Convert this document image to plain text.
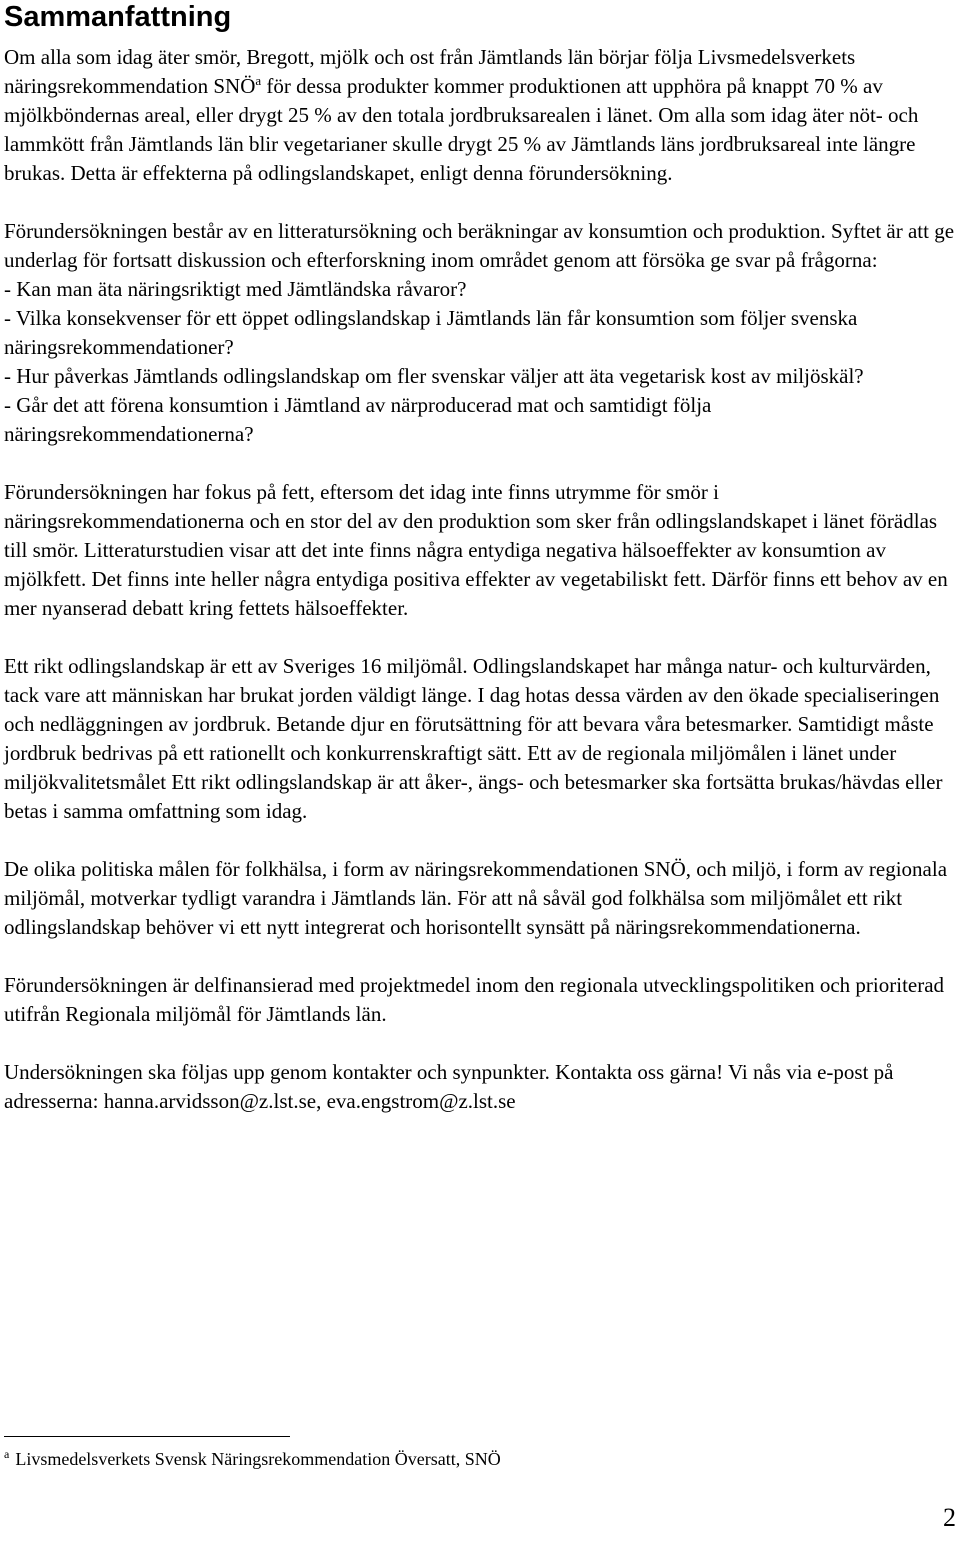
Sammanfattning

Om alla som idag äter smör, Bregott, mjölk och ost från Jämtlands län börjar följa Livsmedelsverkets näringsrekommendation SNÖ$^a$ för dessa produkter kommer produktionen att upphöra på knappt 70 % av mjölkböndernas areal, eller drygt 25 % av den totala jordbruksarealen i länet. Om alla som idag äter nöt- och lammkött från Jämtlands län blir vegetarianer skulle drygt 25 % av Jämtlands läns jordbruksareal inte längre brukas. Detta är effekterna på odlingslandskapet, enligt denna förundersökning.

Förundersökningen består av en litteratursökning och beräkningar av konsumtion och produktion. Syftet är att ge underlag för fortsatt diskussion och efterforskning inom området genom att försöka ge svar på frågorna:
- Kan man äta näringsriktigt med Jämtländska råvaror?
- Vilka konsekvenser för ett öppet odlingslandskap i Jämtlands län får konsumtion som följer svenska näringsrekommendationer?
- Hur påverkas Jämtlands odlingslandskap om fler svenskar väljer att äta vegetarisk kost av miljöskäl?
- Går det att förena konsumtion i Jämtland av närproducerad mat och samtidigt följa näringsrekommendationerna?

Förundersökningen har fokus på fett, eftersom det idag inte finns utrymme för smör i näringsrekommendationerna och en stor del av den produktion som sker från odlingslandskapet i länet förädlas till smör. Litteraturstudien visar att det inte finns några entydiga negativa hälsoeffekter av konsumtion av mjölkfett. Det finns inte heller några entydiga positiva effekter av vegetabiliskt fett. Därför finns ett behov av en mer nyanserad debatt kring fettets hälsoeffekter.

Ett rikt odlingslandskap är ett av Sveriges 16 miljömål. Odlingslandskapet har många natur- och kulturvärden, tack vare att människan har brukat jorden väldigt länge. I dag hotas dessa värden av den ökade specialiseringen och nedläggningen av jordbruk. Betande djur en förutsättning för att bevara våra betesmarker. Samtidigt måste jordbruk bedrivas på ett rationellt och konkurrenskraftigt sätt. Ett av de regionala miljömålen i länet under miljökvalitetsmålet Ett rikt odlingslandskap är att åker-, ängs- och betesmarker ska fortsätta brukas/hävdas eller betas i samma omfattning som idag.

De olika politiska målen för folkhälsa, i form av näringsrekommendationen SNÖ, och miljö, i form av regionala miljömål, motverkar tydligt varandra i Jämtlands län. För att nå såväl god folkhälsa som miljömålet ett rikt odlingslandskap behöver vi ett nytt integrerat och horisontellt synsätt på näringsrekommendationerna.

Förundersökningen är delfinansierad med projektmedel inom den regionala utvecklingspolitiken och prioriterad utifrån Regionala miljömål för Jämtlands län.

Undersökningen ska följas upp genom kontakter och synpunkter. Kontakta oss gärna! Vi nås via e-post på adresserna: hanna.arvidsson@z.lst.se, eva.engstrom@z.lst.se

$^a$ Livsmedelsverkets Svensk Näringsrekommendation Översatt, SNÖ
2
